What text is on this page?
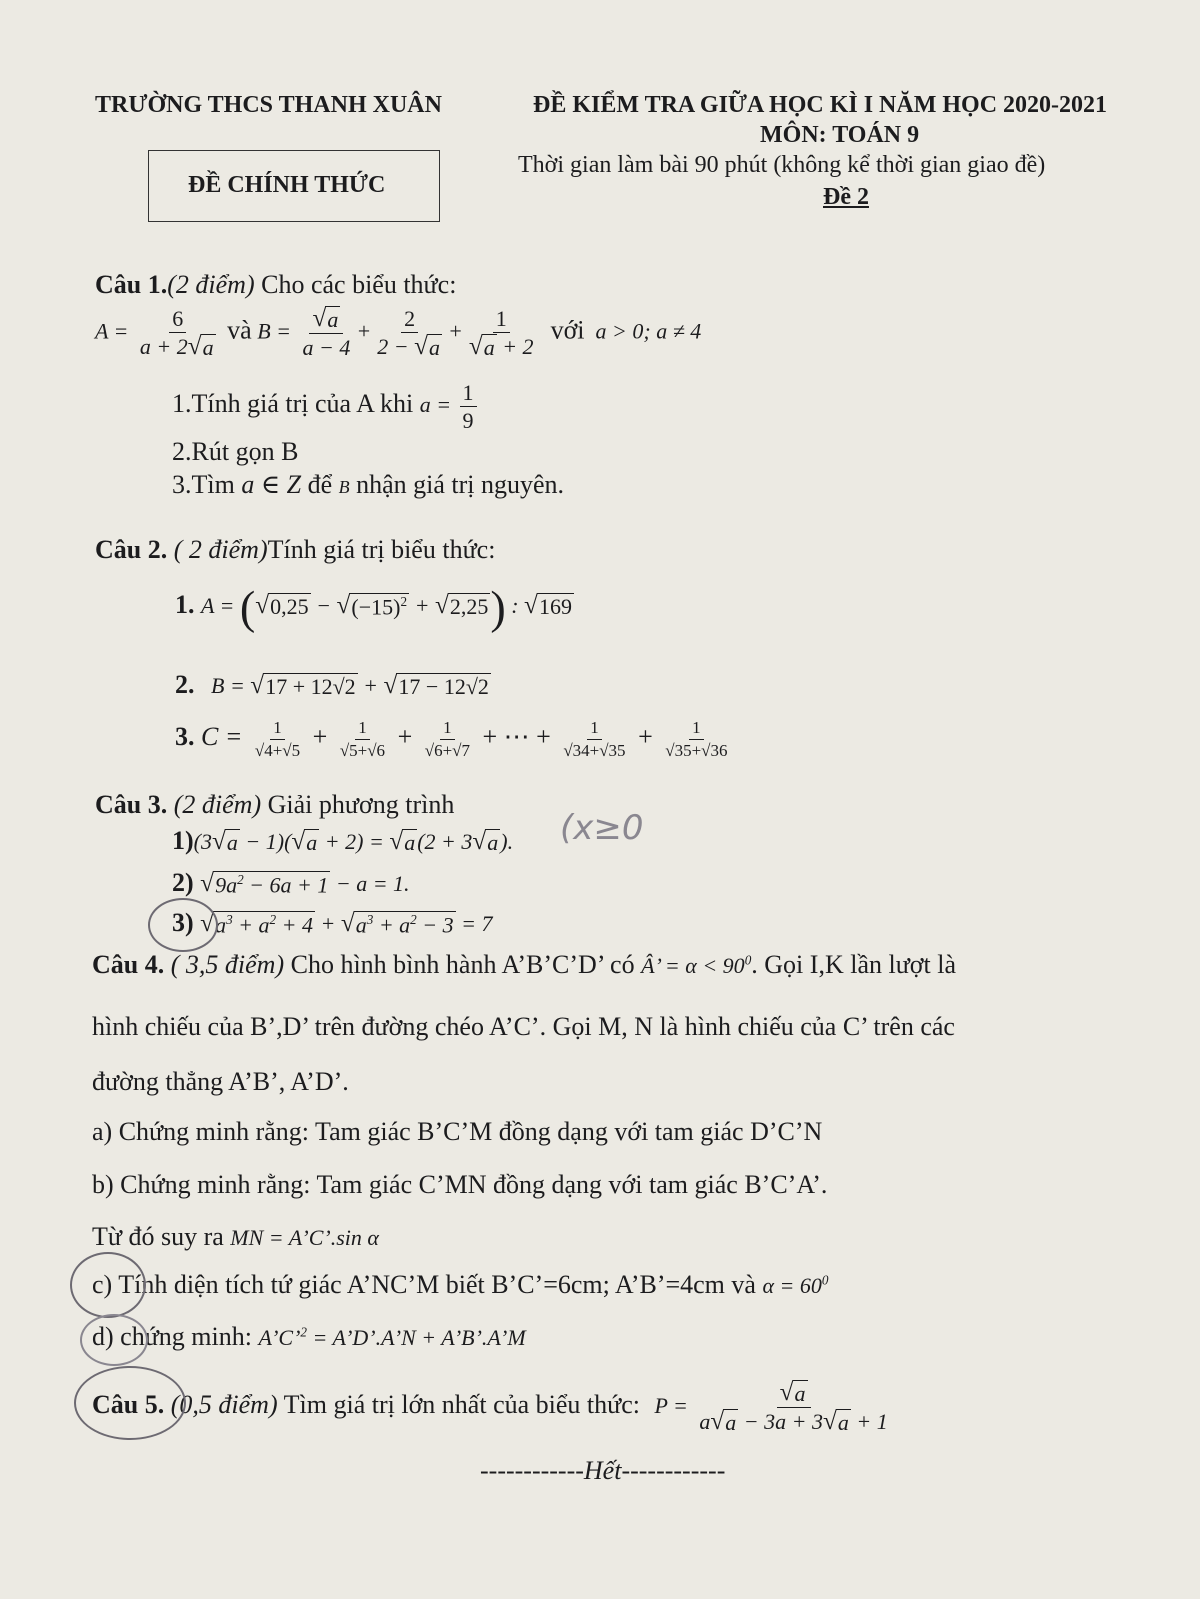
TRƯỜNG THCS THANH XUÂN	ĐỀ KIỂM TRA GIỮA HỌC KÌ I NĂM HỌC 2020-2021
MÔN: TOÁN 9
ĐỀ CHÍNH THỨC
Thời gian làm bài 90 phút (không kể thời gian giao đề)
Đề 2
Câu 1.(2 điểm) Cho các biểu thức:
$A = \frac{6}{a + 2 √ a}$ và $B = \frac{√ a}{a - 4} + \frac{2}{2 - √ a} + \frac{1}{√ a + 2}$ với a > 0; a ≠ 4
1.Tính giá trị của A khi $a = \frac{1}{9}$
2.Rút gọn B
3.Tìm a ∈ Z để B nhận giá trị nguyên.
Câu 2. ( 2 điểm)Tính giá trị biểu thức:
1. A = ( √ 0,25 − √ $(-15)^2$ + √ 2,25 ) : √ 169
2. B = √ 17 + 12√2 + √ 17 − 12√2
3. $C = \frac{1}{√4+√5} + \frac{1}{√5+√6} + \frac{1}{√6+√7}$ + ⋯ + $\frac{1}{√34+√35} + \frac{1}{√35+√36}$
Câu 3. (2 điểm) Giải phương trình
1)(3 √ a − 1)( √ a + 2) = √ a (2 + 3 √ a ).
2) √ $9a^2 - 6a + 1 - a = 1$.
3) √ $a^3 + a^2 + 4$ + √ $a^3 + a^2 - 3 = 7$
Câu 4. ( 3,5 điểm) Cho hình bình hành A’B’C’D’ có Â’ = $\alpha < 90^0$. Gọi I,K lần lượt là
hình chiếu của B’,D’ trên đường chéo A’C’. Gọi M, N là hình chiếu của C’ trên các
đường thẳng A’B’, A’D’.
a) Chứng minh rằng: Tam giác B’C’M đồng dạng với tam giác D’C’N
b) Chứng minh rằng: Tam giác C’MN đồng dạng với tam giác B’C’A’.
Từ đó suy ra MN = A’C’.sin α
c) Tính diện tích tứ giác A’NC’M biết B’C’=6cm; A’B’=4cm và $\alpha = 60^0$
d) chứng minh: A’C’$^2$ = A’D’.A’N + A’B’.A’M
Câu 5. (0,5 điểm) Tìm giá trị lớn nhất của biểu thức: $P = \frac{√ a}{a √ a - 3a + 3 √ a + 1}$
------------Hết------------
(x≥0
